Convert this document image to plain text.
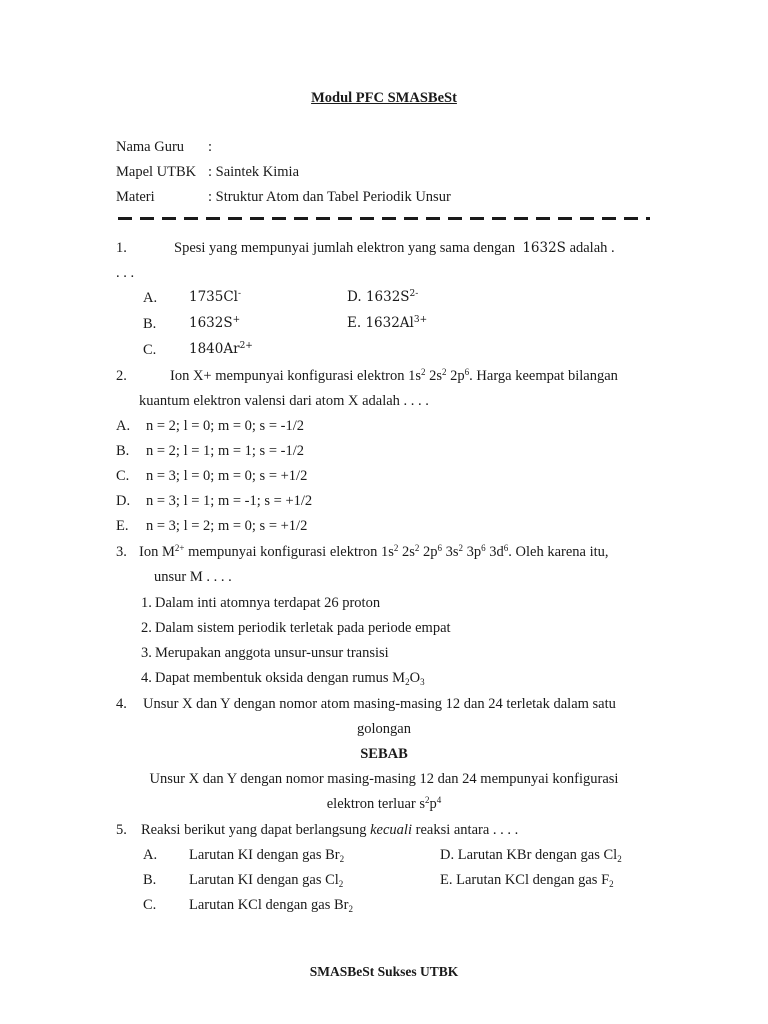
Modul PFC SMASBeSt
Nama Guru :
Mapel UTBK : Saintek Kimia
Materi	: Struktur Atom dan Tabel Periodik Unsur
1.	Spesi yang mempunyai jumlah elektron yang sama dengan 1632S adalah .
. . .
A. 1735Cl-	D. $1632S^{2-}$
B. 1632S+	E. $1632Al^{3+}$
C. $1840Ar^{2+}$
2.	Ion X+ mempunyai konfigurasi elektron $1s^2$ $2s^2$ $2p^6$. Harga keempat bilangan
kuantum elektron valensi dari atom X adalah . . . .
A. n = 2; l = 0; m = 0; s = -1/2
B. n = 2; l = 1; m = 1; s = -1/2
C. n = 3; l = 0; m = 0; s = +1/2
D. n = 3; l = 1; m = -1; s = +1/2
E. n = 3; l = 2; m = 0; s = +1/2
3. Ion $M^{2+}$ mempunyai konfigurasi elektron $1s^2$ $2s^2$ $2p^6$ $3s^2$ $3p^6$ $3d^6$. Oleh karena itu,
unsur M . . . .
1. Dalam inti atomnya terdapat 26 proton
2. Dalam sistem periodik terletak pada periode empat
3. Merupakan anggota unsur-unsur transisi
4. Dapat membentuk oksida dengan rumus $M_2O_3$
4. Unsur X dan Y dengan nomor atom masing-masing 12 dan 24 terletak dalam satu
golongan
SEBAB
Unsur X dan Y dengan nomor masing-masing 12 dan 24 mempunyai konfigurasi
elektron terluar $s^2p^4$
5. Reaksi berikut yang dapat berlangsung kecuali reaksi antara . . . .
A. Larutan KI dengan gas $Br_2$	D. Larutan KBr dengan gas $Cl_2$
B. Larutan KI dengan gas $Cl_2$	E. Larutan KCl dengan gas $F_2$
C. Larutan KCl dengan gas $Br_2$
SMASBeSt Sukses UTBK
